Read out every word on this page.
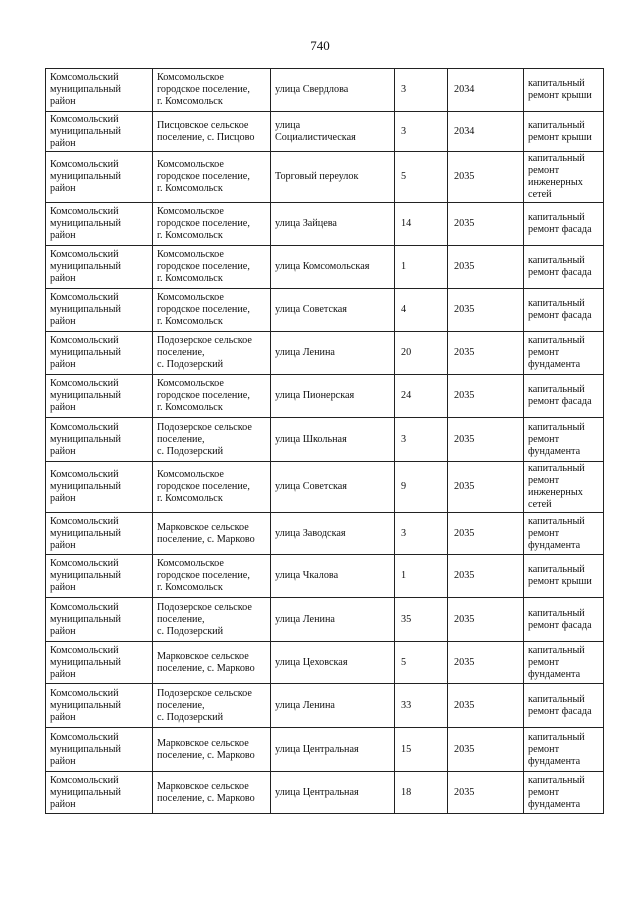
740
Комсомольский
муниципальный
район	Комсомольское
городское поселение,
г. Комсомольск	улица Свердлова	3	2034	капитальный
ремонт крыши
Комсомольский
муниципальный
район	Писцовское сельское
поселение, с. Писцово	улица
Социалистическая	3	2034	капитальный
ремонт крыши
Комсомольский
муниципальный
район	Комсомольское
городское поселение,
г. Комсомольск	Торговый переулок	5	2035	капитальный
ремонт
инженерных
сетей
Комсомольский
муниципальный
район	Комсомольское
городское поселение,
г. Комсомольск	улица Зайцева	14	2035	капитальный
ремонт фасада
Комсомольский
муниципальный
район	Комсомольское
городское поселение,
г. Комсомольск	улица Комсомольская	1	2035	капитальный
ремонт фасада
Комсомольский
муниципальный
район	Комсомольское
городское поселение,
г. Комсомольск	улица Советская	4	2035	капитальный
ремонт фасада
Комсомольский
муниципальный
район	Подозерское сельское
поселение,
с. Подозерский	улица Ленина	20	2035	капитальный
ремонт
фундамента
Комсомольский
муниципальный
район	Комсомольское
городское поселение,
г. Комсомольск	улица Пионерская	24	2035	капитальный
ремонт фасада
Комсомольский
муниципальный
район	Подозерское сельское
поселение,
с. Подозерский	улица Школьная	3	2035	капитальный
ремонт
фундамента
Комсомольский
муниципальный
район	Комсомольское
городское поселение,
г. Комсомольск	улица Советская	9	2035	капитальный
ремонт
инженерных
сетей
Комсомольский
муниципальный
район	Марковское сельское
поселение, с. Марково	улица Заводская	3	2035	капитальный
ремонт
фундамента
Комсомольский
муниципальный
район	Комсомольское
городское поселение,
г. Комсомольск	улица Чкалова	1	2035	капитальный
ремонт крыши
Комсомольский
муниципальный
район	Подозерское сельское
поселение,
с. Подозерский	улица Ленина	35	2035	капитальный
ремонт фасада
Комсомольский
муниципальный
район	Марковское сельское
поселение, с. Марково	улица Цеховская	5	2035	капитальный
ремонт
фундамента
Комсомольский
муниципальный
район	Подозерское сельское
поселение,
с. Подозерский	улица Ленина	33	2035	капитальный
ремонт фасада
Комсомольский
муниципальный
район	Марковское сельское
поселение, с. Марково	улица Центральная	15	2035	капитальный
ремонт
фундамента
Комсомольский
муниципальный
район	Марковское сельское
поселение, с. Марково	улица Центральная	18	2035	капитальный
ремонт
фундамента
